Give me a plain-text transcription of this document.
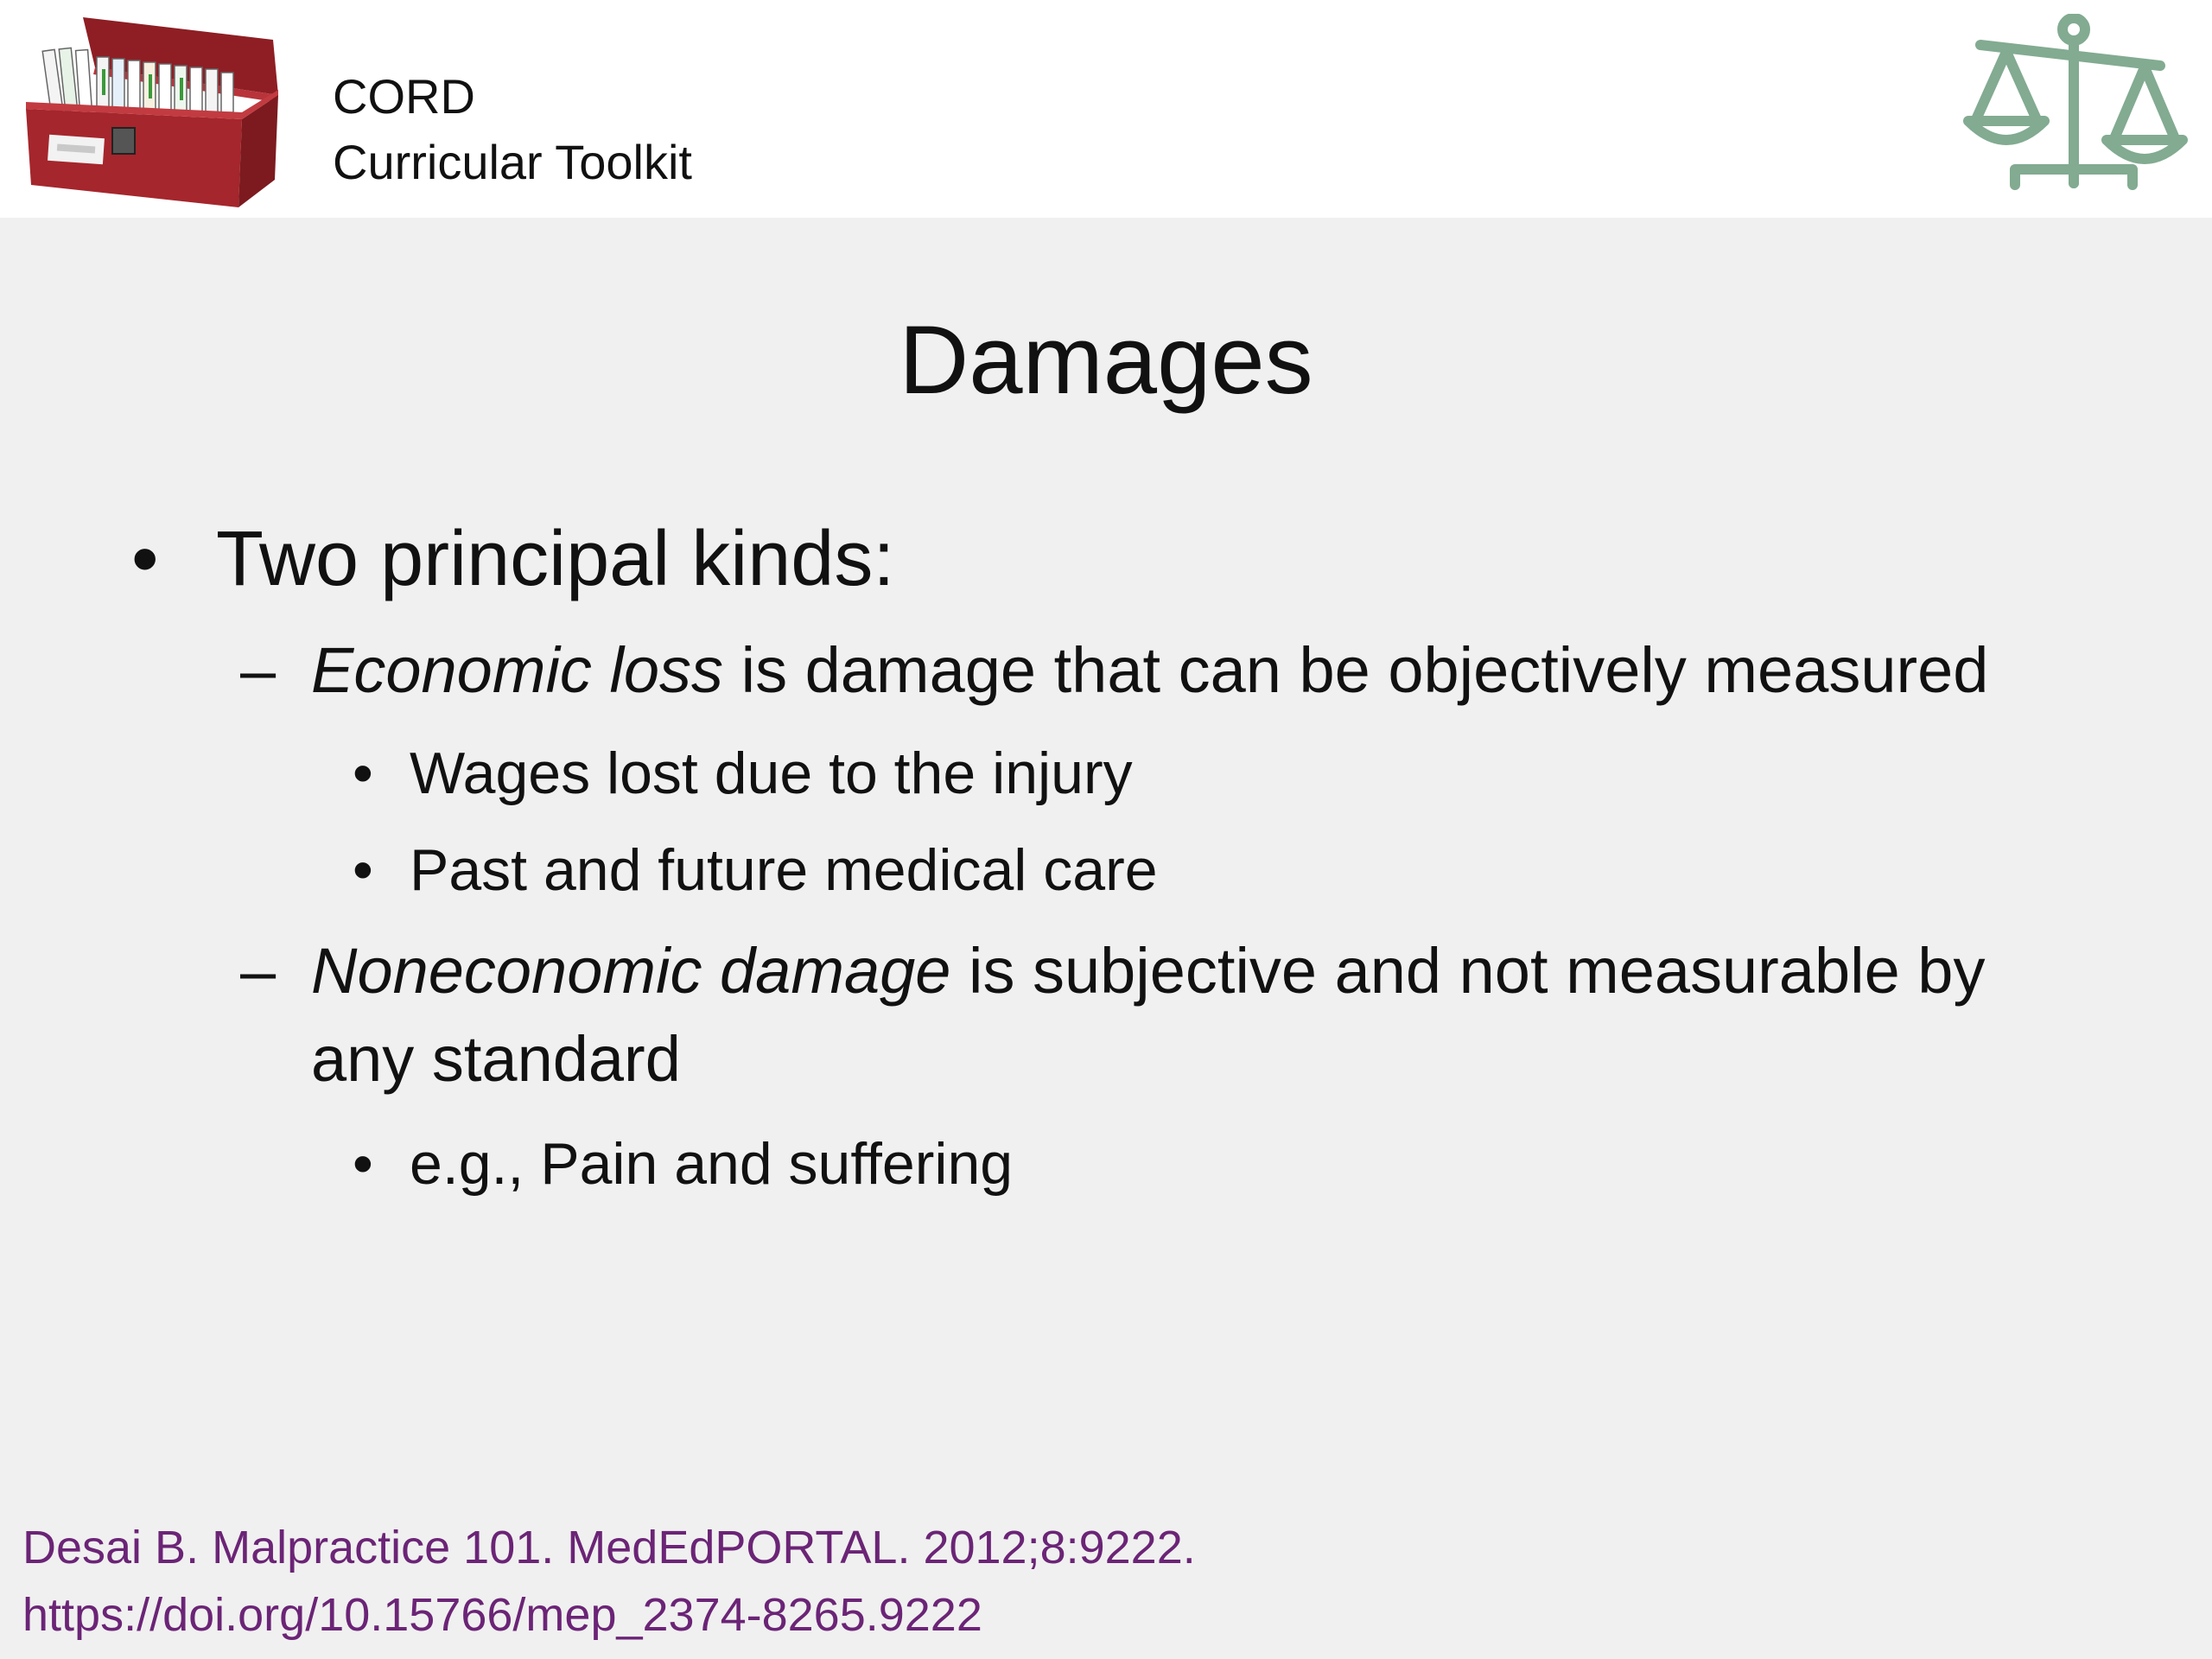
CORD
Curricular Toolkit
Damages
• Two principal kinds:
– Economic loss is damage that can be objectively measured
• Wages lost due to the injury
• Past and future medical care
– Noneconomic damage is subjective and not measurable by
any standard
• e.g., Pain and suffering
Desai B. Malpractice 101. MedEdPORTAL. 2012;8:9222.
https://doi.org/10.15766/mep_2374-8265.9222
